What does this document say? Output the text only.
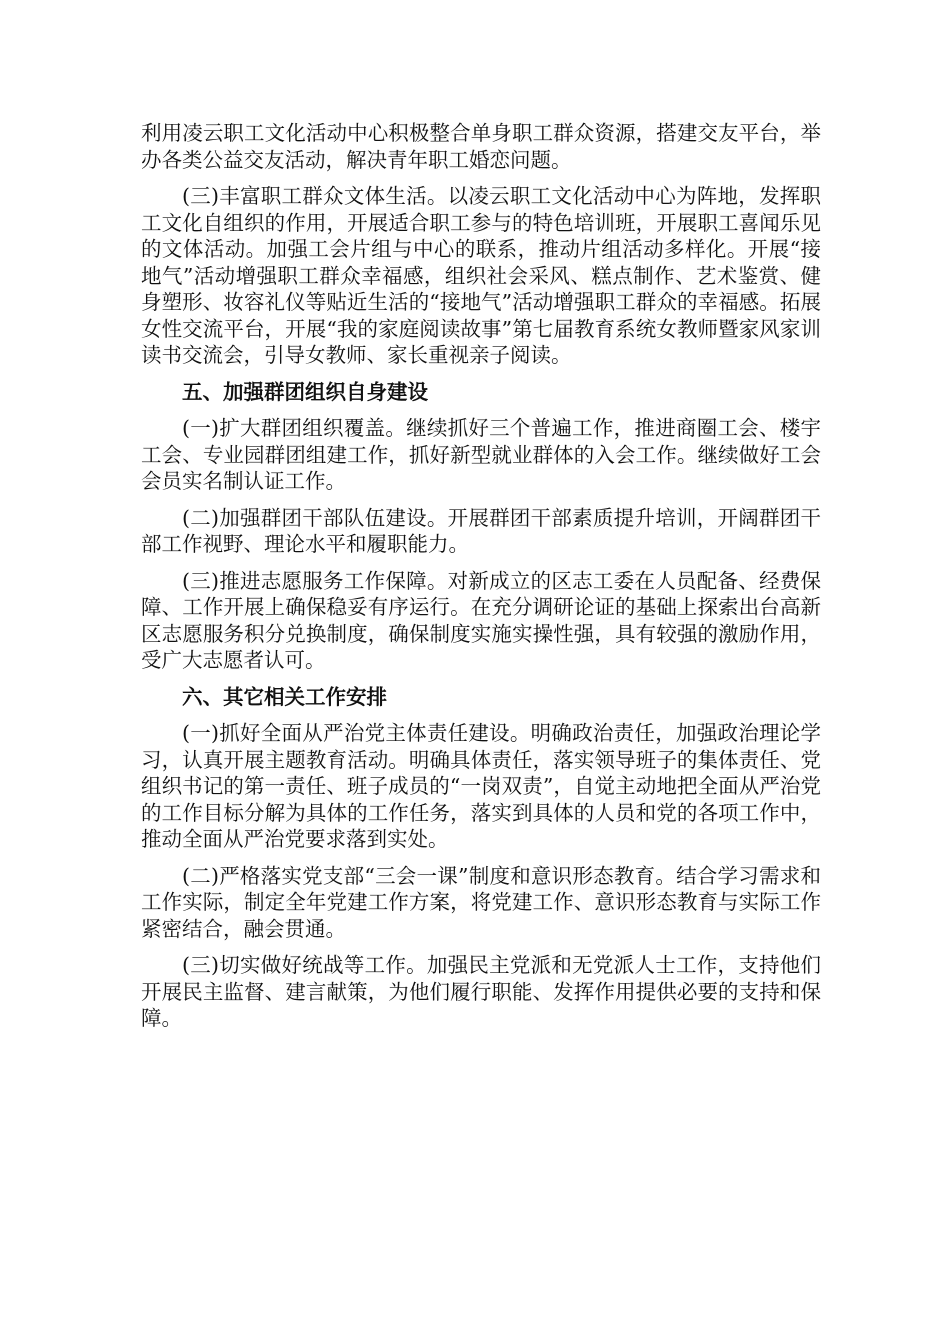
利用凌云职工文化活动中心积极整合单身职工群众资源，搭建交友平台，举办各类公益交友活动，解决青年职工婚恋问题。

(三)丰富职工群众文体生活。以凌云职工文化活动中心为阵地，发挥职工文化自组织的作用，开展适合职工参与的特色培训班，开展职工喜闻乐见的文体活动。加强工会片组与中心的联系，推动片组活动多样化。开展“接地气”活动增强职工群众幸福感，组织社会采风、糕点制作、艺术鉴赏、健身塑形、妆容礼仪等贴近生活的“接地气”活动增强职工群众的幸福感。拓展女性交流平台，开展“我的家庭阅读故事”第七届教育系统女教师暨家风家训读书交流会，引导女教师、家长重视亲子阅读。

五、加强群团组织自身建设

(一)扩大群团组织覆盖。继续抓好三个普遍工作，推进商圈工会、楼宇工会、专业园群团组建工作，抓好新型就业群体的入会工作。继续做好工会会员实名制认证工作。

(二)加强群团干部队伍建设。开展群团干部素质提升培训，开阔群团干部工作视野、理论水平和履职能力。

(三)推进志愿服务工作保障。对新成立的区志工委在人员配备、经费保障、工作开展上确保稳妥有序运行。在充分调研论证的基础上探索出台高新区志愿服务积分兑换制度，确保制度实施实操性强，具有较强的激励作用，受广大志愿者认可。

六、其它相关工作安排

(一)抓好全面从严治党主体责任建设。明确政治责任，加强政治理论学习，认真开展主题教育活动。明确具体责任，落实领导班子的集体责任、党组织书记的第一责任、班子成员的“一岗双责”，自觉主动地把全面从严治党的工作目标分解为具体的工作任务，落实到具体的人员和党的各项工作中，推动全面从严治党要求落到实处。

(二)严格落实党支部“三会一课”制度和意识形态教育。结合学习需求和工作实际，制定全年党建工作方案，将党建工作、意识形态教育与实际工作紧密结合，融会贯通。

(三)切实做好统战等工作。加强民主党派和无党派人士工作，支持他们开展民主监督、建言献策，为他们履行职能、发挥作用提供必要的支持和保障。
